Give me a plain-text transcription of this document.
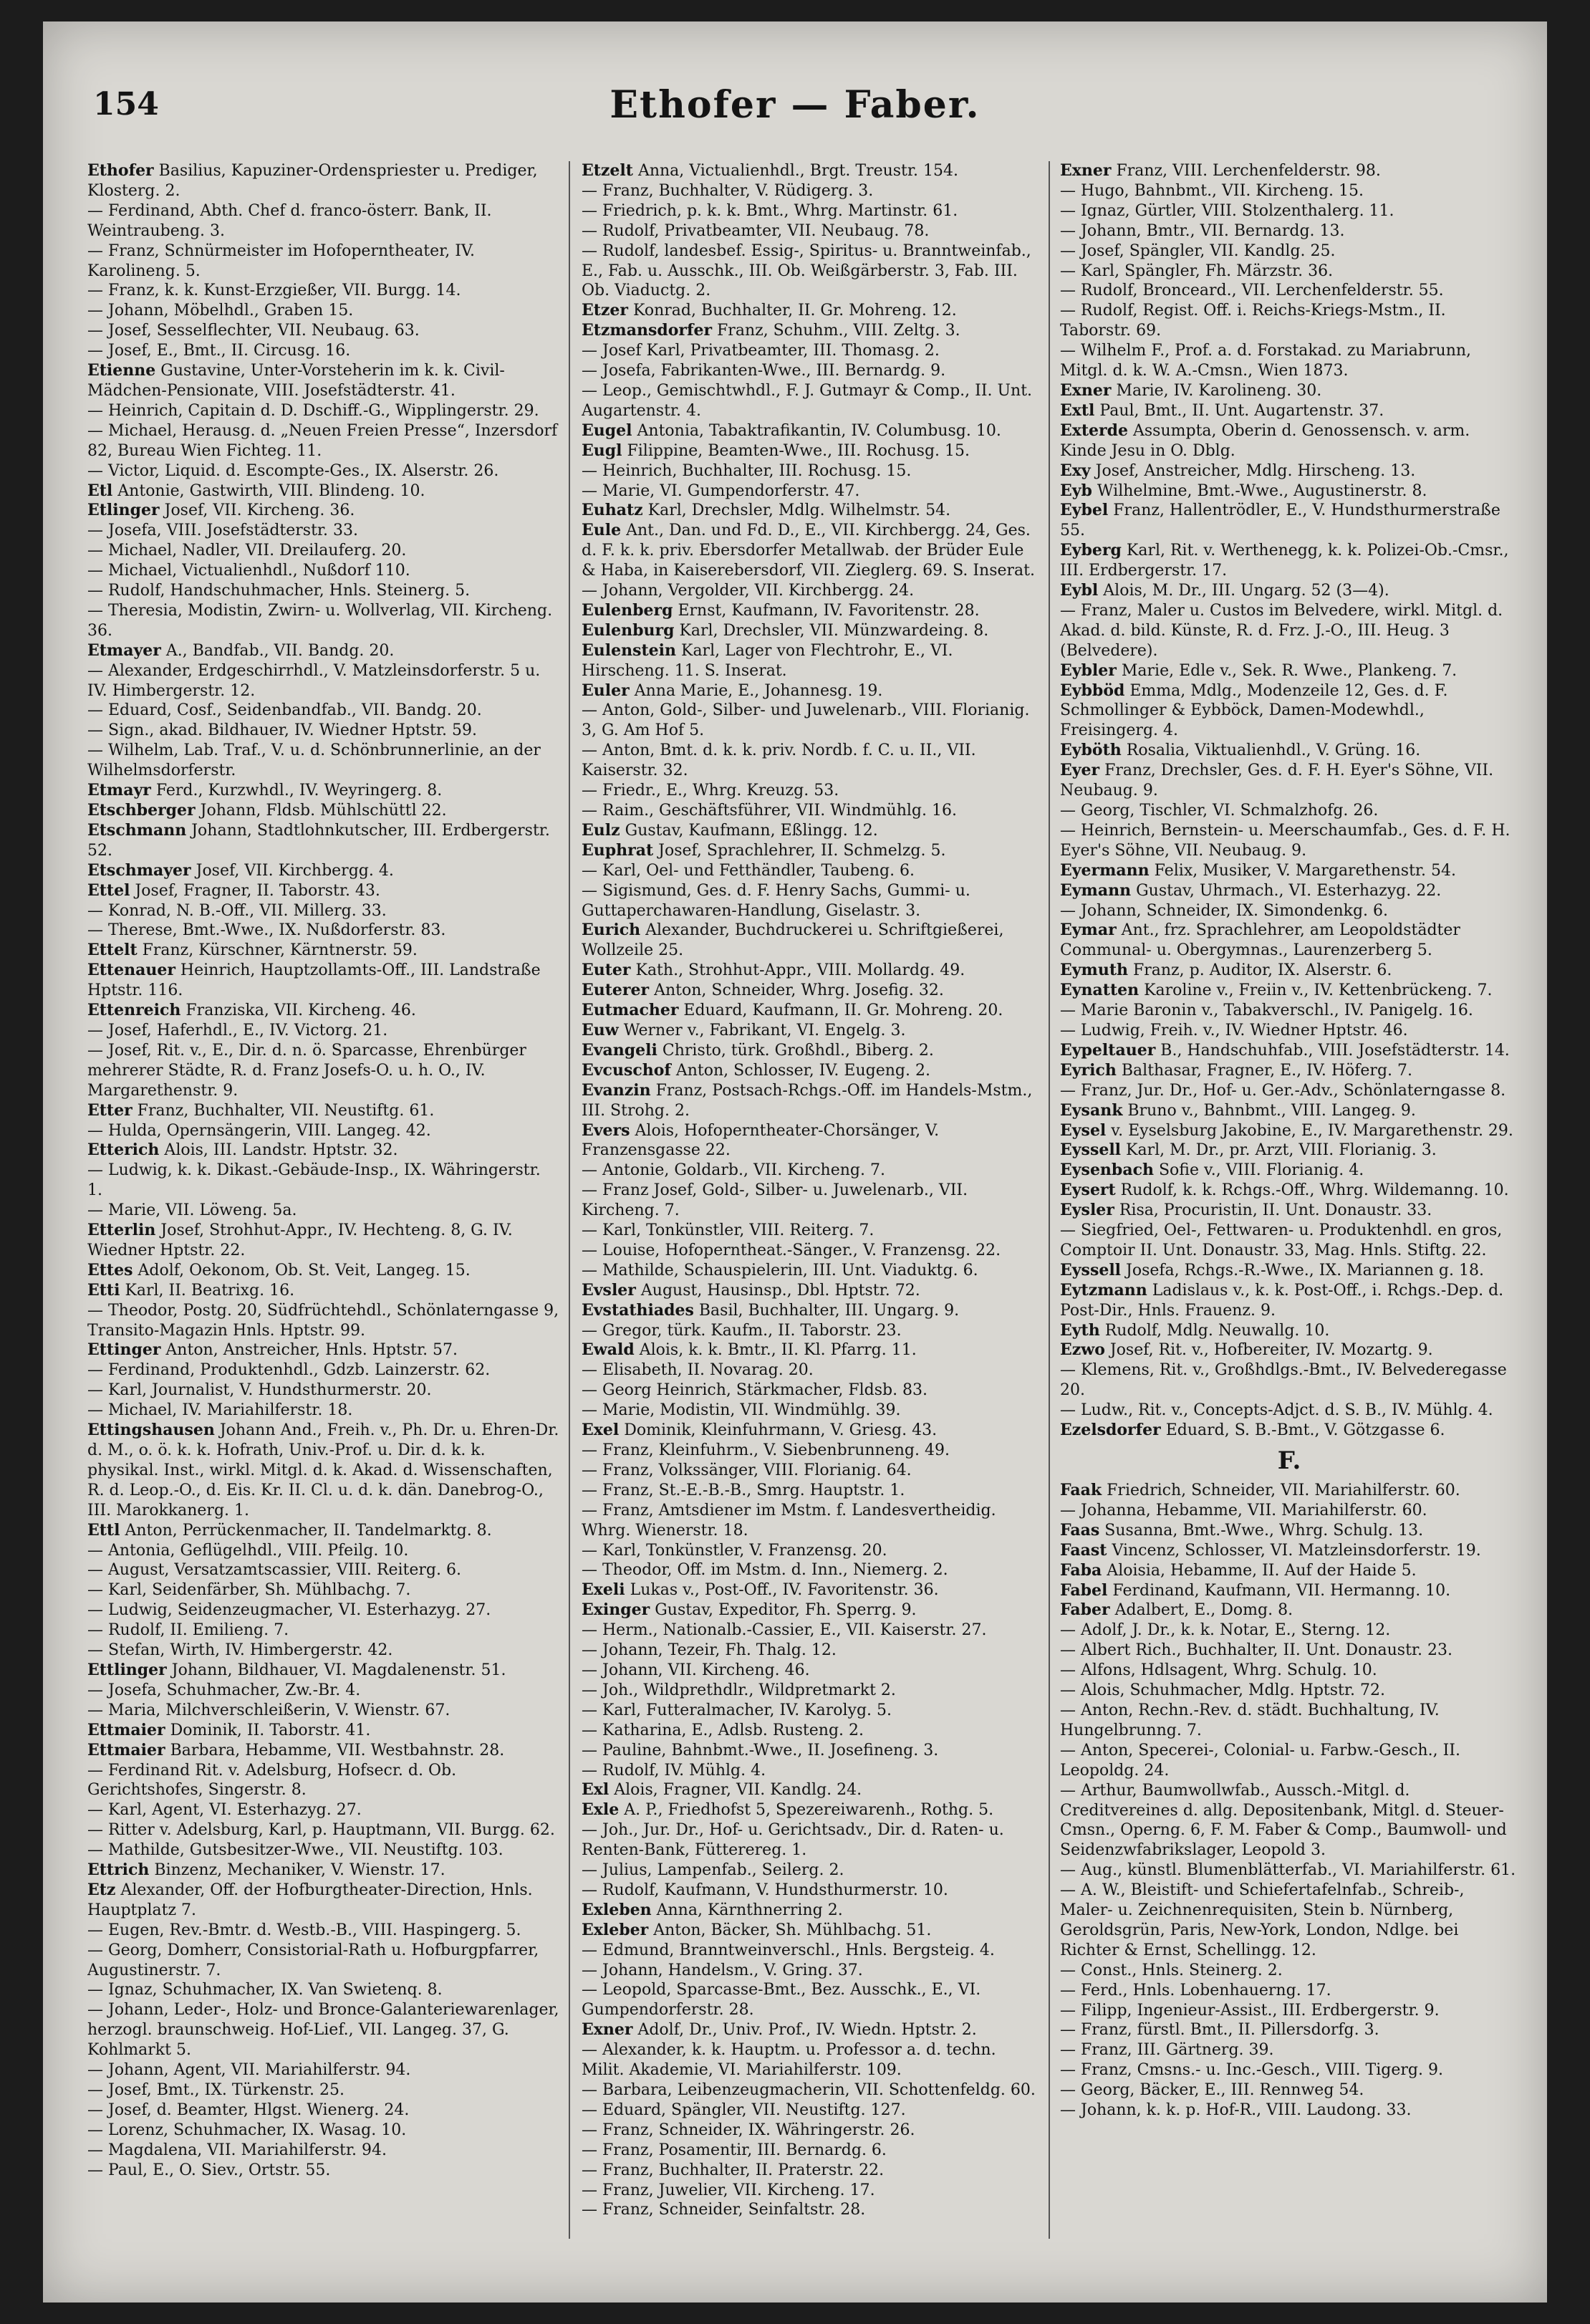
154	Ethofer — Faber.
Ethofer Basilius, Kapuziner-Ordenspriester u. Prediger, Klosterg. 2.
— Ferdinand, Abth. Chef d. franco-österr. Bank, II. Weintraubeng. 3.
— Franz, Schnürmeister im Hofoperntheater, IV. Karolineng. 5.
— Franz, k. k. Kunst-Erzgießer, VII. Burgg. 14.
— Johann, Möbelhdl., Graben 15.
— Josef, Sesselflechter, VII. Neubaug. 63.
— Josef, E., Bmt., II. Circusg. 16.
Etienne Gustavine, Unter-Vorsteherin im k. k. Civil-Mädchen-Pensionate, VIII. Josefstädterstr. 41.
— Heinrich, Capitain d. D. Dschiff.-G., Wipplingerstr. 29.
— Michael, Herausg. d. „Neuen Freien Presse“, Inzersdorf 82, Bureau Wien Fichteg. 11.
— Victor, Liquid. d. Escompte-Ges., IX. Alserstr. 26.
Etl Antonie, Gastwirth, VIII. Blindeng. 10.
Etlinger Josef, VII. Kircheng. 36.
— Josefa, VIII. Josefstädterstr. 33.
— Michael, Nadler, VII. Dreilauferg. 20.
— Michael, Victualienhdl., Nußdorf 110.
— Rudolf, Handschuhmacher, Hnls. Steinerg. 5.
— Theresia, Modistin, Zwirn- u. Wollverlag, VII. Kircheng. 36.
Etmayer A., Bandfab., VII. Bandg. 20.
— Alexander, Erdgeschirrhdl., V. Matzleinsdorferstr. 5 u. IV. Himbergerstr. 12.
— Eduard, Cosf., Seidenbandfab., VII. Bandg. 20.
— Sign., akad. Bildhauer, IV. Wiedner Hptstr. 59.
— Wilhelm, Lab. Traf., V. u. d. Schönbrunnerlinie, an der Wilhelmsdorferstr.
Etmayr Ferd., Kurzwhdl., IV. Weyringerg. 8.
Etschberger Johann, Fldsb. Mühlschüttl 22.
Etschmann Johann, Stadtlohnkutscher, III. Erdbergerstr. 52.
Etschmayer Josef, VII. Kirchbergg. 4.
Ettel Josef, Fragner, II. Taborstr. 43.
— Konrad, N. B.-Off., VII. Millerg. 33.
— Therese, Bmt.-Wwe., IX. Nußdorferstr. 83.
Ettelt Franz, Kürschner, Kärntnerstr. 59.
Ettenauer Heinrich, Hauptzollamts-Off., III. Landstraße Hptstr. 116.
Ettenreich Franziska, VII. Kircheng. 46.
— Josef, Haferhdl., E., IV. Victorg. 21.
— Josef, Rit. v., E., Dir. d. n. ö. Sparcasse, Ehrenbürger mehrerer Städte, R. d. Franz Josefs-O. u. h. O., IV. Margarethenstr. 9.
Etter Franz, Buchhalter, VII. Neustiftg. 61.
— Hulda, Opernsängerin, VIII. Langeg. 42.
Etterich Alois, III. Landstr. Hptstr. 32.
— Ludwig, k. k. Dikast.-Gebäude-Insp., IX. Währingerstr. 1.
— Marie, VII. Löweng. 5a.
Etterlin Josef, Strohhut-Appr., IV. Hechteng. 8, G. IV. Wiedner Hptstr. 22.
Ettes Adolf, Oekonom, Ob. St. Veit, Langeg. 15.
Etti Karl, II. Beatrixg. 16.
— Theodor, Postg. 20, Südfrüchtehdl., Schönlaterngasse 9, Transito-Magazin Hnls. Hptstr. 99.
Ettinger Anton, Anstreicher, Hnls. Hptstr. 57.
— Ferdinand, Produktenhdl., Gdzb. Lainzerstr. 62.
— Karl, Journalist, V. Hundsthurmerstr. 20.
— Michael, IV. Mariahilferstr. 18.
Ettingshausen Johann And., Freih. v., Ph. Dr. u. Ehren-Dr. d. M., o. ö. k. k. Hofrath, Univ.-Prof. u. Dir. d. k. k. physikal. Inst., wirkl. Mitgl. d. k. Akad. d. Wissenschaften, R. d. Leop.-O., d. Eis. Kr. II. Cl. u. d. k. dän. Danebrog-O., III. Marokkanerg. 1.
Ettl Anton, Perrückenmacher, II. Tandelmarktg. 8.
— Antonia, Geflügelhdl., VIII. Pfeilg. 10.
— August, Versatzamtscassier, VIII. Reiterg. 6.
— Karl, Seidenfärber, Sh. Mühlbachg. 7.
— Ludwig, Seidenzeugmacher, VI. Esterhazyg. 27.
— Rudolf, II. Emilieng. 7.
— Stefan, Wirth, IV. Himbergerstr. 42.
Ettlinger Johann, Bildhauer, VI. Magdalenenstr. 51.
— Josefa, Schuhmacher, Zw.-Br. 4.
— Maria, Milchverschleißerin, V. Wienstr. 67.
Ettmaier Dominik, II. Taborstr. 41.
Ettmaier Barbara, Hebamme, VII. Westbahnstr. 28.
— Ferdinand Rit. v. Adelsburg, Hofsecr. d. Ob. Gerichtshofes, Singerstr. 8.
— Karl, Agent, VI. Esterhazyg. 27.
— Ritter v. Adelsburg, Karl, p. Hauptmann, VII. Burgg. 62.
— Mathilde, Gutsbesitzer-Wwe., VII. Neustiftg. 103.
Ettrich Binzenz, Mechaniker, V. Wienstr. 17.
Etz Alexander, Off. der Hofburgtheater-Direction, Hnls. Hauptplatz 7.
— Eugen, Rev.-Bmtr. d. Westb.-B., VIII. Haspingerg. 5.
— Georg, Domherr, Consistorial-Rath u. Hofburgpfarrer, Augustinerstr. 7.
— Ignaz, Schuhmacher, IX. Van Swietenq. 8.
— Johann, Leder-, Holz- und Bronce-Galanteriewarenlager, herzogl. braunschweig. Hof-Lief., VII. Langeg. 37, G. Kohlmarkt 5.
— Johann, Agent, VII. Mariahilferstr. 94.
— Josef, Bmt., IX. Türkenstr. 25.
— Josef, d. Beamter, Hlgst. Wienerg. 24.
— Lorenz, Schuhmacher, IX. Wasag. 10.
— Magdalena, VII. Mariahilferstr. 94.
— Paul, E., O. Siev., Ortstr. 55.
Etzelt Anna, Victualienhdl., Brgt. Treustr. 154.
— Franz, Buchhalter, V. Rüdigerg. 3.
— Friedrich, p. k. k. Bmt., Whrg. Martinstr. 61.
— Rudolf, Privatbeamter, VII. Neubaug. 78.
— Rudolf, landesbef. Essig-, Spiritus- u. Branntweinfab., E., Fab. u. Ausschk., III. Ob. Weißgärberstr. 3, Fab. III. Ob. Viaductg. 2.
Etzer Konrad, Buchhalter, II. Gr. Mohreng. 12.
Etzmansdorfer Franz, Schuhm., VIII. Zeltg. 3.
— Josef Karl, Privatbeamter, III. Thomasg. 2.
— Josefa, Fabrikanten-Wwe., III. Bernardg. 9.
— Leop., Gemischtwhdl., F. J. Gutmayr & Comp., II. Unt. Augartenstr. 4.
Eugel Antonia, Tabaktrafikantin, IV. Columbusg. 10.
Eugl Filippine, Beamten-Wwe., III. Rochusg. 15.
— Heinrich, Buchhalter, III. Rochusg. 15.
— Marie, VI. Gumpendorferstr. 47.
Euhatz Karl, Drechsler, Mdlg. Wilhelmstr. 54.
Eule Ant., Dan. und Fd. D., E., VII. Kirchbergg. 24, Ges. d. F. k. k. priv. Ebersdorfer Metallwab. der Brüder Eule & Haba, in Kaiserebersdorf, VII. Zieglerg. 69. S. Inserat.
— Johann, Vergolder, VII. Kirchbergg. 24.
Eulenberg Ernst, Kaufmann, IV. Favoritenstr. 28.
Eulenburg Karl, Drechsler, VII. Münzwardeing. 8.
Eulenstein Karl, Lager von Flechtrohr, E., VI. Hirscheng. 11. S. Inserat.
Euler Anna Marie, E., Johannesg. 19.
— Anton, Gold-, Silber- und Juwelenarb., VIII. Florianig. 3, G. Am Hof 5.
— Anton, Bmt. d. k. k. priv. Nordb. f. C. u. II., VII. Kaiserstr. 32.
— Friedr., E., Whrg. Kreuzg. 53.
— Raim., Geschäftsführer, VII. Windmühlg. 16.
Eulz Gustav, Kaufmann, Eßlingg. 12.
Euphrat Josef, Sprachlehrer, II. Schmelzg. 5.
— Karl, Oel- und Fetthändler, Taubeng. 6.
— Sigismund, Ges. d. F. Henry Sachs, Gummi- u. Guttaperchawaren-Handlung, Giselastr. 3.
Eurich Alexander, Buchdruckerei u. Schriftgießerei, Wollzeile 25.
Euter Kath., Strohhut-Appr., VIII. Mollardg. 49.
Euterer Anton, Schneider, Whrg. Josefig. 32.
Eutmacher Eduard, Kaufmann, II. Gr. Mohreng. 20.
Euw Werner v., Fabrikant, VI. Engelg. 3.
Evangeli Christo, türk. Großhdl., Biberg. 2.
Evcuschof Anton, Schlosser, IV. Eugeng. 2.
Evanzin Franz, Postsach-Rchgs.-Off. im Handels-Mstm., III. Strohg. 2.
Evers Alois, Hofoperntheater-Chorsänger, V. Franzensgasse 22.
— Antonie, Goldarb., VII. Kircheng. 7.
— Franz Josef, Gold-, Silber- u. Juwelenarb., VII. Kircheng. 7.
— Karl, Tonkünstler, VIII. Reiterg. 7.
— Louise, Hofoperntheat.-Sänger., V. Franzensg. 22.
— Mathilde, Schauspielerin, III. Unt. Viaduktg. 6.
Evsler August, Hausinsp., Dbl. Hptstr. 72.
Evstathiades Basil, Buchhalter, III. Ungarg. 9.
— Gregor, türk. Kaufm., II. Taborstr. 23.
Ewald Alois, k. k. Bmtr., II. Kl. Pfarrg. 11.
— Elisabeth, II. Novarag. 20.
— Georg Heinrich, Stärkmacher, Fldsb. 83.
— Marie, Modistin, VII. Windmühlg. 39.
Exel Dominik, Kleinfuhrmann, V. Griesg. 43.
— Franz, Kleinfuhrm., V. Siebenbrunneng. 49.
— Franz, Volkssänger, VIII. Florianig. 64.
— Franz, St.-E.-B.-B., Smrg. Hauptstr. 1.
— Franz, Amtsdiener im Mstm. f. Landesvertheidig. Whrg. Wienerstr. 18.
— Karl, Tonkünstler, V. Franzensg. 20.
— Theodor, Off. im Mstm. d. Inn., Niemerg. 2.
Exeli Lukas v., Post-Off., IV. Favoritenstr. 36.
Exinger Gustav, Expeditor, Fh. Sperrg. 9.
— Herm., Nationalb.-Cassier, E., VII. Kaiserstr. 27.
— Johann, Tezeir, Fh. Thalg. 12.
— Johann, VII. Kircheng. 46.
— Joh., Wildprethdlr., Wildpretmarkt 2.
— Karl, Futteralmacher, IV. Karolyg. 5.
— Katharina, E., Adlsb. Rusteng. 2.
— Pauline, Bahnbmt.-Wwe., II. Josefineng. 3.
— Rudolf, IV. Mühlg. 4.
Exl Alois, Fragner, VII. Kandlg. 24.
Exle A. P., Friedhofst 5, Spezereiwarenh., Rothg. 5.
— Joh., Jur. Dr., Hof- u. Gerichtsadv., Dir. d. Raten- u. Renten-Bank, Fütterereg. 1.
— Julius, Lampenfab., Seilerg. 2.
— Rudolf, Kaufmann, V. Hundsthurmerstr. 10.
Exleben Anna, Kärnthnerring 2.
Exleber Anton, Bäcker, Sh. Mühlbachg. 51.
— Edmund, Branntweinverschl., Hnls. Bergsteig. 4.
— Johann, Handelsm., V. Gring. 37.
— Leopold, Sparcasse-Bmt., Bez. Ausschk., E., VI. Gumpendorferstr. 28.
Exner Adolf, Dr., Univ. Prof., IV. Wiedn. Hptstr. 2.
— Alexander, k. k. Hauptm. u. Professor a. d. techn. Milit. Akademie, VI. Mariahilferstr. 109.
— Barbara, Leibenzeugmacherin, VII. Schottenfeldg. 60.
— Eduard, Spängler, VII. Neustiftg. 127.
— Franz, Schneider, IX. Währingerstr. 26.
— Franz, Posamentir, III. Bernardg. 6.
— Franz, Buchhalter, II. Praterstr. 22.
— Franz, Juwelier, VII. Kircheng. 17.
— Franz, Schneider, Seinfaltstr. 28.
Exner Franz, VIII. Lerchenfelderstr. 98.
— Hugo, Bahnbmt., VII. Kircheng. 15.
— Ignaz, Gürtler, VIII. Stolzenthalerg. 11.
— Johann, Bmtr., VII. Bernardg. 13.
— Josef, Spängler, VII. Kandlg. 25.
— Karl, Spängler, Fh. Märzstr. 36.
— Rudolf, Bronceard., VII. Lerchenfelderstr. 55.
— Rudolf, Regist. Off. i. Reichs-Kriegs-Mstm., II. Taborstr. 69.
— Wilhelm F., Prof. a. d. Forstakad. zu Mariabrunn, Mitgl. d. k. W. A.-Cmsn., Wien 1873.
Exner Marie, IV. Karolineng. 30.
Extl Paul, Bmt., II. Unt. Augartenstr. 37.
Exterde Assumpta, Oberin d. Genossensch. v. arm. Kinde Jesu in O. Dblg.
Exy Josef, Anstreicher, Mdlg. Hirscheng. 13.
Eyb Wilhelmine, Bmt.-Wwe., Augustinerstr. 8.
Eybel Franz, Hallentrödler, E., V. Hundsthurmerstraße 55.
Eyberg Karl, Rit. v. Werthenegg, k. k. Polizei-Ob.-Cmsr., III. Erdbergerstr. 17.
Eybl Alois, M. Dr., III. Ungarg. 52 (3—4).
— Franz, Maler u. Custos im Belvedere, wirkl. Mitgl. d. Akad. d. bild. Künste, R. d. Frz. J.-O., III. Heug. 3 (Belvedere).
Eybler Marie, Edle v., Sek. R. Wwe., Plankeng. 7.
Eybböd Emma, Mdlg., Modenzeile 12, Ges. d. F. Schmollinger & Eybböck, Damen-Modewhdl., Freisingerg. 4.
Eyböth Rosalia, Viktualienhdl., V. Grüng. 16.
Eyer Franz, Drechsler, Ges. d. F. H. Eyer's Söhne, VII. Neubaug. 9.
— Georg, Tischler, VI. Schmalzhofg. 26.
— Heinrich, Bernstein- u. Meerschaumfab., Ges. d. F. H. Eyer's Söhne, VII. Neubaug. 9.
Eyermann Felix, Musiker, V. Margarethenstr. 54.
Eymann Gustav, Uhrmach., VI. Esterhazyg. 22.
— Johann, Schneider, IX. Simondenkg. 6.
Eymar Ant., frz. Sprachlehrer, am Leopoldstädter Communal- u. Obergymnas., Laurenzerberg 5.
Eymuth Franz, p. Auditor, IX. Alserstr. 6.
Eynatten Karoline v., Freiin v., IV. Kettenbrückeng. 7.
— Marie Baronin v., Tabakverschl., IV. Panigelg. 16.
— Ludwig, Freih. v., IV. Wiedner Hptstr. 46.
Eypeltauer B., Handschuhfab., VIII. Josefstädterstr. 14.
Eyrich Balthasar, Fragner, E., IV. Höferg. 7.
— Franz, Jur. Dr., Hof- u. Ger.-Adv., Schönlaterngasse 8.
Eysank Bruno v., Bahnbmt., VIII. Langeg. 9.
Eysel v. Eyselsburg Jakobine, E., IV. Margarethenstr. 29.
Eyssell Karl, M. Dr., pr. Arzt, VIII. Florianig. 3.
Eysenbach Sofie v., VIII. Florianig. 4.
Eysert Rudolf, k. k. Rchgs.-Off., Whrg. Wildemanng. 10.
Eysler Risa, Procuristin, II. Unt. Donaustr. 33.
— Siegfried, Oel-, Fettwaren- u. Produktenhdl. en gros, Comptoir II. Unt. Donaustr. 33, Mag. Hnls. Stiftg. 22.
Eyssell Josefa, Rchgs.-R.-Wwe., IX. Mariannen g. 18.
Eytzmann Ladislaus v., k. k. Post-Off., i. Rchgs.-Dep. d. Post-Dir., Hnls. Frauenz. 9.
Eyth Rudolf, Mdlg. Neuwallg. 10.
Ezwo Josef, Rit. v., Hofbereiter, IV. Mozartg. 9.
— Klemens, Rit. v., Großhdlgs.-Bmt., IV. Belvederegasse 20.
— Ludw., Rit. v., Concepts-Adjct. d. S. B., IV. Mühlg. 4.
Ezelsdorfer Eduard, S. B.-Bmt., V. Götzgasse 6.
F.
Faak Friedrich, Schneider, VII. Mariahilferstr. 60.
— Johanna, Hebamme, VII. Mariahilferstr. 60.
Faas Susanna, Bmt.-Wwe., Whrg. Schulg. 13.
Faast Vincenz, Schlosser, VI. Matzleinsdorferstr. 19.
Faba Aloisia, Hebamme, II. Auf der Haide 5.
Fabel Ferdinand, Kaufmann, VII. Hermanng. 10.
Faber Adalbert, E., Domg. 8.
— Adolf, J. Dr., k. k. Notar, E., Sterng. 12.
— Albert Rich., Buchhalter, II. Unt. Donaustr. 23.
— Alfons, Hdlsagent, Whrg. Schulg. 10.
— Alois, Schuhmacher, Mdlg. Hptstr. 72.
— Anton, Rechn.-Rev. d. städt. Buchhaltung, IV. Hungelbrunng. 7.
— Anton, Specerei-, Colonial- u. Farbw.-Gesch., II. Leopoldg. 24.
— Arthur, Baumwollwfab., Aussch.-Mitgl. d. Creditvereines d. allg. Depositenbank, Mitgl. d. Steuer-Cmsn., Operng. 6, F. M. Faber & Comp., Baumwoll- und Seidenzwfabrikslager, Leopold 3.
— Aug., künstl. Blumenblätterfab., VI. Mariahilferstr. 61.
— A. W., Bleistift- und Schiefertafelnfab., Schreib-, Maler- u. Zeichnenrequisiten, Stein b. Nürnberg, Geroldsgrün, Paris, New-York, London, Ndlge. bei Richter & Ernst, Schellingg. 12.
— Const., Hnls. Steinerg. 2.
— Ferd., Hnls. Lobenhauerng. 17.
— Filipp, Ingenieur-Assist., III. Erdbergerstr. 9.
— Franz, fürstl. Bmt., II. Pillersdorfg. 3.
— Franz, III. Gärtnerg. 39.
— Franz, Cmsns.- u. Inc.-Gesch., VIII. Tigerg. 9.
— Georg, Bäcker, E., III. Rennweg 54.
— Johann, k. k. p. Hof-R., VIII. Laudong. 33.
